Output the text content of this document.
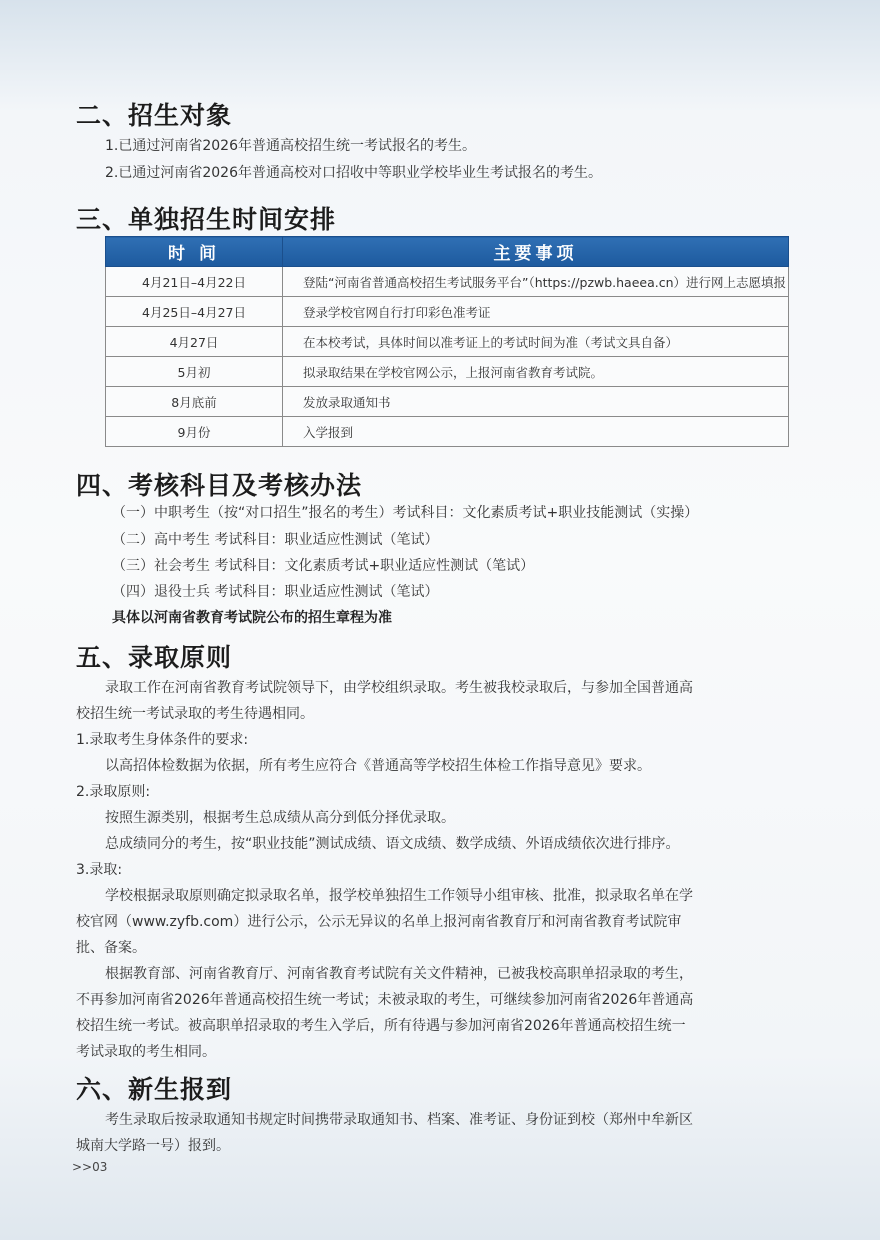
二、招生对象
1.已通过河南省2026年普通高校招生统一考试报名的考生。
2.已通过河南省2026年普通高校对口招收中等职业学校毕业生考试报名的考生。
三、单独招生时间安排
时 间	主要事项
4月21日–4月22日	登陆“河南省普通高校招生考试服务平台”（https://pzwb.haeea.cn）进行网上志愿填报
4月25日–4月27日	登录学校官网自行打印彩色准考证
4月27日	在本校考试，具体时间以准考证上的考试时间为准（考试文具自备）
5月初	拟录取结果在学校官网公示，上报河南省教育考试院。
8月底前	发放录取通知书
9月份	入学报到
四、考核科目及考核办法
（一）中职考生（按“对口招生”报名的考生）考试科目：文化素质考试+职业技能测试（实操）
（二）高中考生 考试科目：职业适应性测试（笔试）
（三）社会考生 考试科目：文化素质考试+职业适应性测试（笔试）
（四）退役士兵 考试科目：职业适应性测试（笔试）
具体以河南省教育考试院公布的招生章程为准
五、录取原则
录取工作在河南省教育考试院领导下，由学校组织录取。考生被我校录取后，与参加全国普通高
校招生统一考试录取的考生待遇相同。
1.录取考生身体条件的要求:
以高招体检数据为依据，所有考生应符合《普通高等学校招生体检工作指导意见》要求。
2.录取原则:
按照生源类别，根据考生总成绩从高分到低分择优录取。
总成绩同分的考生，按“职业技能”测试成绩、语文成绩、数学成绩、外语成绩依次进行排序。
3.录取:
学校根据录取原则确定拟录取名单，报学校单独招生工作领导小组审核、批准，拟录取名单在学
校官网（www.zyfb.com）进行公示，公示无异议的名单上报河南省教育厅和河南省教育考试院审
批、备案。
根据教育部、河南省教育厅、河南省教育考试院有关文件精神，已被我校高职单招录取的考生，
不再参加河南省2026年普通高校招生统一考试；未被录取的考生，可继续参加河南省2026年普通高
校招生统一考试。被高职单招录取的考生入学后，所有待遇与参加河南省2026年普通高校招生统一
考试录取的考生相同。
六、新生报到
考生录取后按录取通知书规定时间携带录取通知书、档案、准考证、身份证到校（郑州中牟新区
城南大学路一号）报到。
>>03
